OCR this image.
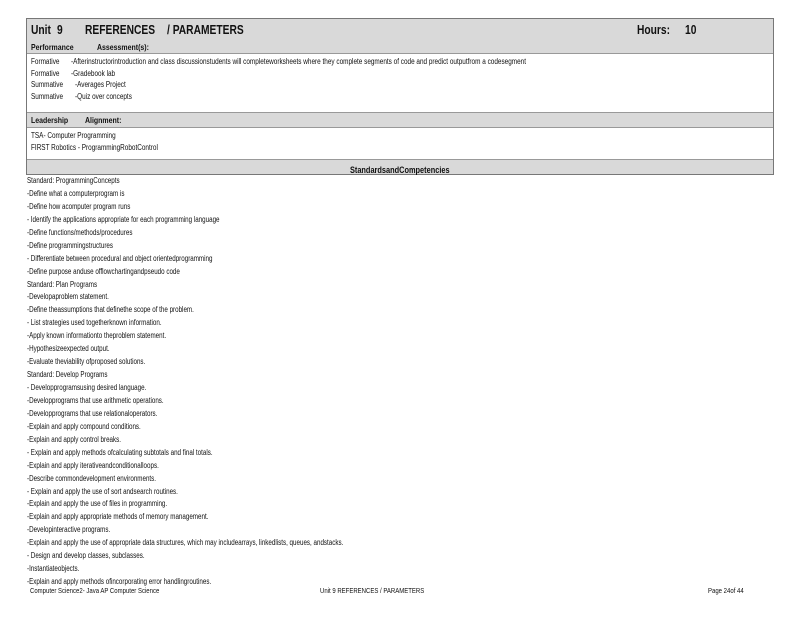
Unit 9 REFERENCES / PARAMETERS	Hours: 10
Performance	Assessment(s):
Formative -Afterinstructorintroduction and class discussionstudents will completeworksheets where they complete segments of code and predict outputfrom a codesegment
Formative -Gradebook lab
Summative -Averages Project
Summative -Quiz over concepts
Leadership Alignment:
TSA- Computer Programming
FIRST Robotics - ProgrammingRobotControl
StandardsandCompetencies
Standard: ProgrammingConcepts
-Define what a computerprogram is
-Define how acomputer program runs
- Identify the applications appropriate for each programming language
-Define functions/methods/procedures
-Define programmingstructures
- Differentiate between procedural and object orientedprogramming
-Define purpose anduse offlowchartingandpseudo code
Standard: Plan Programs
-Developaproblem statement.
-Define theassumptions that definethe scope of the problem.
- List strategies used togetherknown information.
-Apply known informationto theproblem statement.
-Hypothesizeexpected output.
-Evaluate theviability ofproposed solutions.
Standard: Develop Programs
- Developprogramsusing desired language.
-Developprograms that use arithmetic operations.
-Developprograms that use relationaloperators.
-Explain and apply compound conditions.
-Explain and apply control breaks.
- Explain and apply methods ofcalculating subtotals and final totals.
-Explain and apply iterativeandconditionalloops.
-Describe commondevelopment environments.
- Explain and apply the use of sort andsearch routines.
-Explain and apply the use of files in programming.
-Explain and apply appropriate methods of memory management.
-Developinteractive programs.
-Explain and apply the use of appropriate data structures, which may includearrays, linkedlists, queues, andstacks.
- Design and develop classes, subclasses.
-Instantiateobjects.
-Explain and apply methods ofincorporating error handlingroutines.
Computer Science2- Java AP Computer Science	Unit 9 REFERENCES / PARAMETERS	Page 24of 44
